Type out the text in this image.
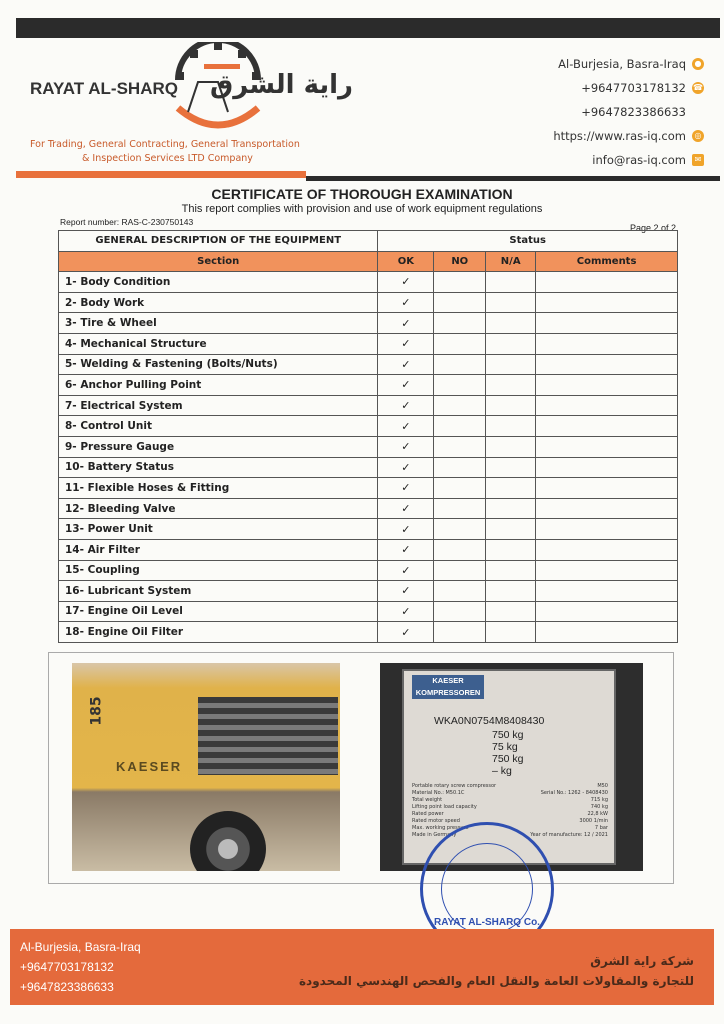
RAYAT AL-SHARQ راية الشرق
For Trading, General Contracting, General Transportation
& Inspection Services LTD Company
Al-Burjesia, Basra-Iraq	●
+9647703178132 ☎
+9647823386633
https://www.ras-iq.com	◎
info@ras-iq.com	✉
CERTIFICATE OF THOROUGH EXAMINATION
This report complies with provision and use of work equipment regulations
Report number: RAS-C-230750143
Page 2 of 2
GENERAL DESCRIPTION OF THE EQUIPMENT	Status			
Section	OK	NO	N/A	Comments
1- Body Condition	✓			
2- Body Work	✓			
3- Tire & Wheel	✓			
4- Mechanical Structure	✓			
5- Welding & Fastening (Bolts/Nuts)	✓			
6- Anchor Pulling Point	✓			
7- Electrical System	✓			
8- Control Unit	✓			
9- Pressure Gauge	✓			
10- Battery Status	✓			
11- Flexible Hoses & Fitting	✓			
12- Bleeding Valve	✓			
13- Power Unit	✓			
14- Air Filter	✓			
15- Coupling	✓			
16- Lubricant System	✓			
17- Engine Oil Level	✓			
18- Engine Oil Filter	✓			
185
KAESER
KAESER
KOMPRESSOREN
WKA0N0754M8408430
750 kg
75 kg
750 kg
– kg
Portable rotary screw compressor	M50
Material No.: M50.1C	Serial No.: 1262 - 8408430
Total weight	715 kg
Lifting point load capacity	740 kg
Rated power	22,8 kW
Rated motor speed	3000 1/min
Max. working pressure	7 bar
Made in Germany	Year of manufacture: 12 / 2021
RAYAT AL-SHARQ Co.
Al-Burjesia, Basra-Iraq
+9647703178132
+9647823386633
شركة راية الشرق
للتجارة والمقاولات العامة والنقل العام والفحص الهندسي المحدودة
